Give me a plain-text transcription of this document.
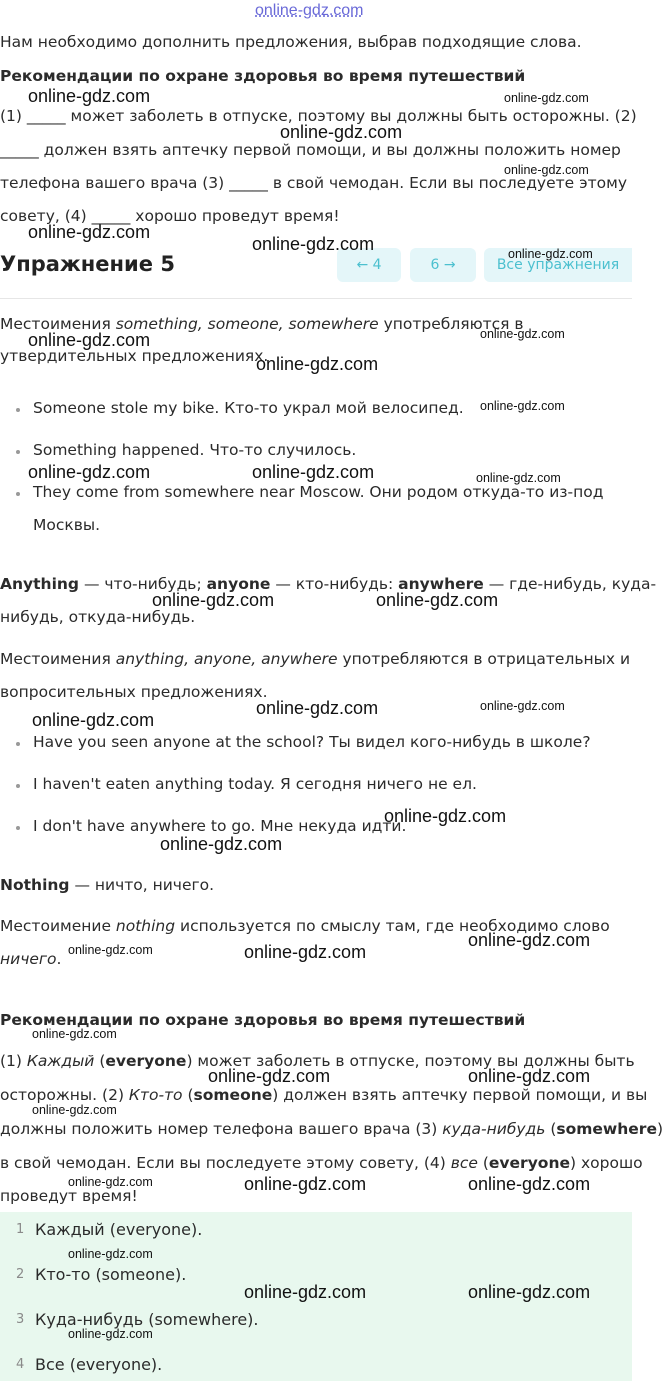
online-gdz.com
Нам необходимо дополнить предложения, выбрав подходящие слова.
Рекомендации по охране здоровья во время путешествий
(1) _____ может заболеть в отпуске, поэтому вы должны быть осторожны. (2)
_____ должен взять аптечку первой помощи, и вы должны положить номер
телефона вашего врача (3) _____ в свой чемодан. Если вы последуете этому
совету, (4) _____ хорошо проведут время!
Упражнение 5	← 4	6 →	Все упражнения
Местоимения something, someone, somewhere употребляются в
утвердительных предложениях.
Someone stole my bike. Кто-то украл мой велосипед.
Something happened. Что-то случилось.
They come from somewhere near Moscow. Они родом откуда-то из-под
Москвы.
Anything — что-нибудь; anyone — кто-нибудь: anywhere — где-нибудь, куда-
нибудь, откуда-нибудь.
Местоимения anything, anyone, anywhere употребляются в отрицательных и
вопросительных предложениях.
Have you seen anyone at the school? Ты видел кого-нибудь в школе?
I haven't eaten anything today. Я сегодня ничего не ел.
I don't have anywhere to go. Мне некуда идти.
Nothing — ничто, ничего.
Местоимение nothing используется по смыслу там, где необходимо слово
ничего.
Рекомендации по охране здоровья во время путешествий
(1) Каждый (everyone) может заболеть в отпуске, поэтому вы должны быть
осторожны. (2) Кто-то (someone) должен взять аптечку первой помощи, и вы
должны положить номер телефона вашего врача (3) куда-нибудь (somewhere)
в свой чемодан. Если вы последуете этому совету, (4) все (everyone) хорошо
проведут время!
1 Каждый (everyone).
2 Кто-то (someone).
3 Куда-нибудь (somewhere).
4 Все (everyone).
online-gdz.com	online-gdz.com
online-gdz.com
online-gdz.com
online-gdz.com
online-gdz.com	online-gdz.com
online-gdz.com	online-gdz.com
online-gdz.com
online-gdz.com
online-gdz.com	online-gdz.com	online-gdz.com
online-gdz.com	online-gdz.com
online-gdz.com
online-gdz.com	online-gdz.com
online-gdz.com
online-gdz.com
online-gdz.com
online-gdz.com	online-gdz.com
online-gdz.com
online-gdz.com	online-gdz.com
online-gdz.com
online-gdz.com	online-gdz.com	online-gdz.com
online-gdz.com
online-gdz.com	online-gdz.com
online-gdz.com
